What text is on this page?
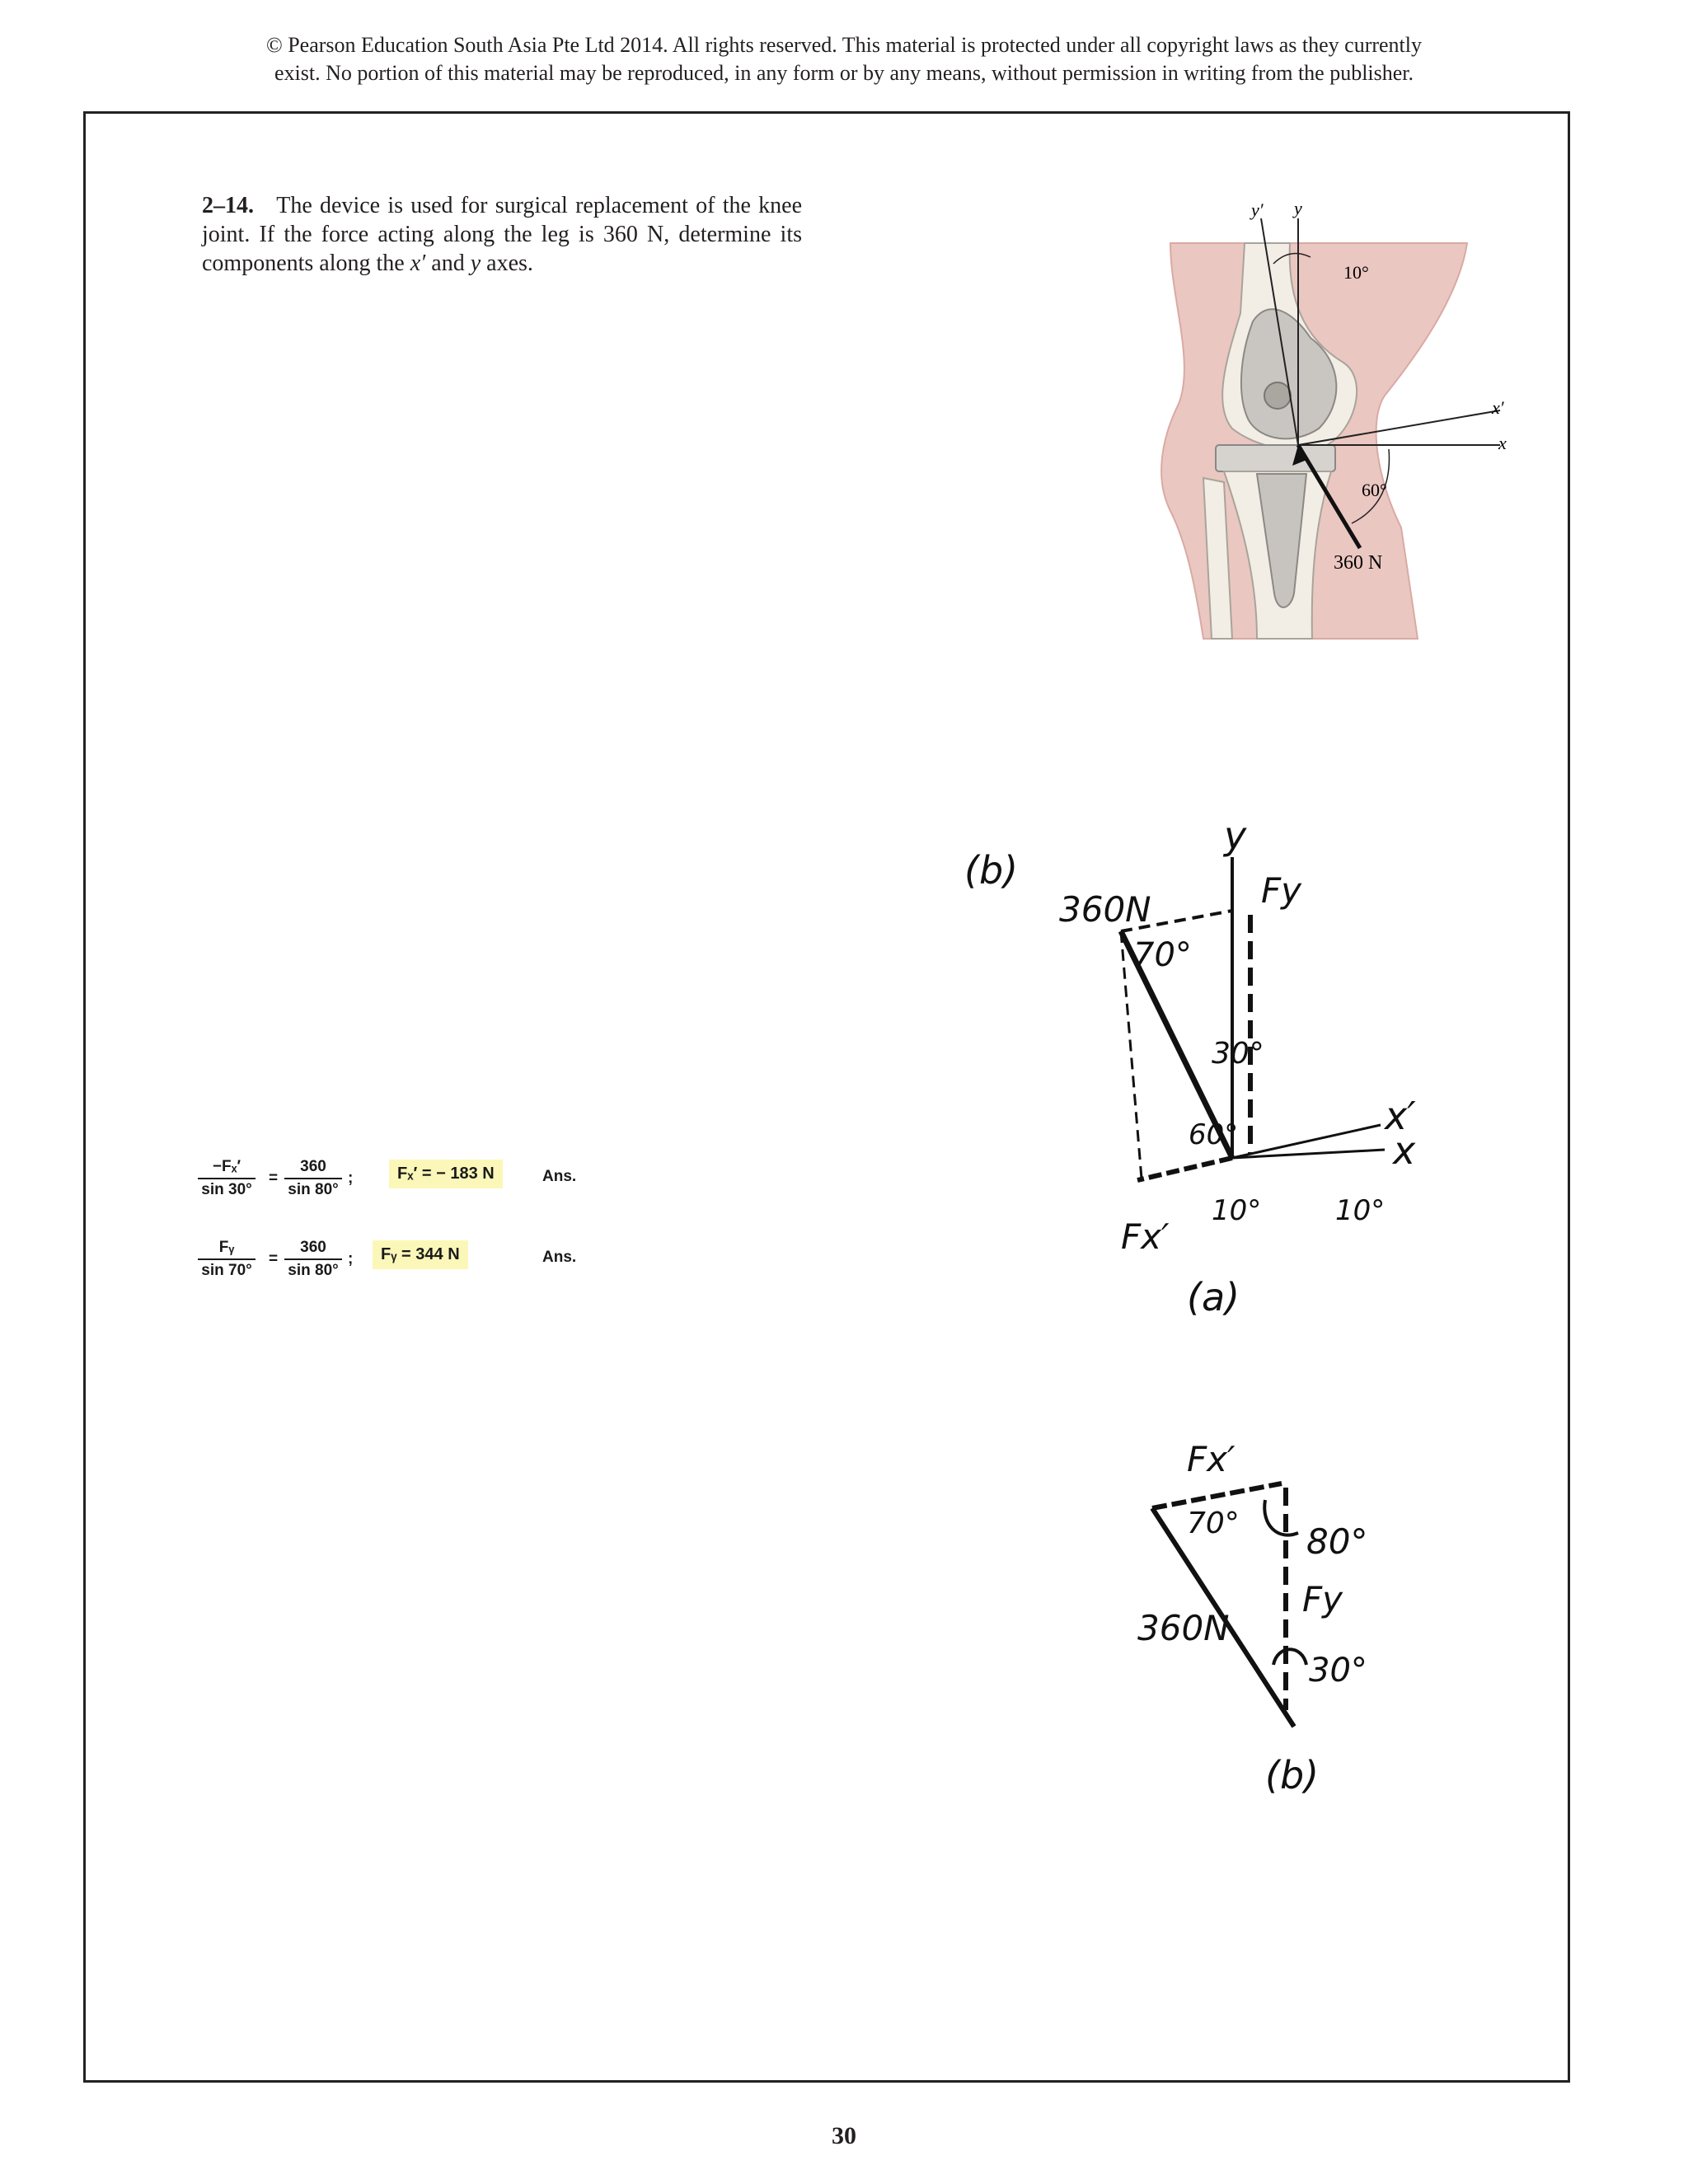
© Pearson Education South Asia Pte Ltd 2014. All rights reserved. This material is protected under all copyright laws as they currently
exist. No portion of this material may be reproduced, in any form or by any means, without permission in writing from the publisher.
2–14. The device is used for surgical replacement of the knee joint. If the force acting along the leg is 360 N, determine its components along the x′ and y axes.
y′ y
10°
x′
x
60°
360 N
$\frac{\text{−Fₓ′}}{\sin 30^\circ} = \frac{360}{\sin 80^\circ}$ ;	Fₓ′ = − 183 N	Ans.
$\frac{\text{Fᵧ}}{\sin 70^\circ} = \frac{360}{\sin 80^\circ}$ ;	Fᵧ = 344 N	Ans.
(b)
360N
y
Fy
70°
30°
60°	x′
x
10°	10°
Fx′
(a)
Fx′
70° 80°
Fy
360N
30°
(b)
30
